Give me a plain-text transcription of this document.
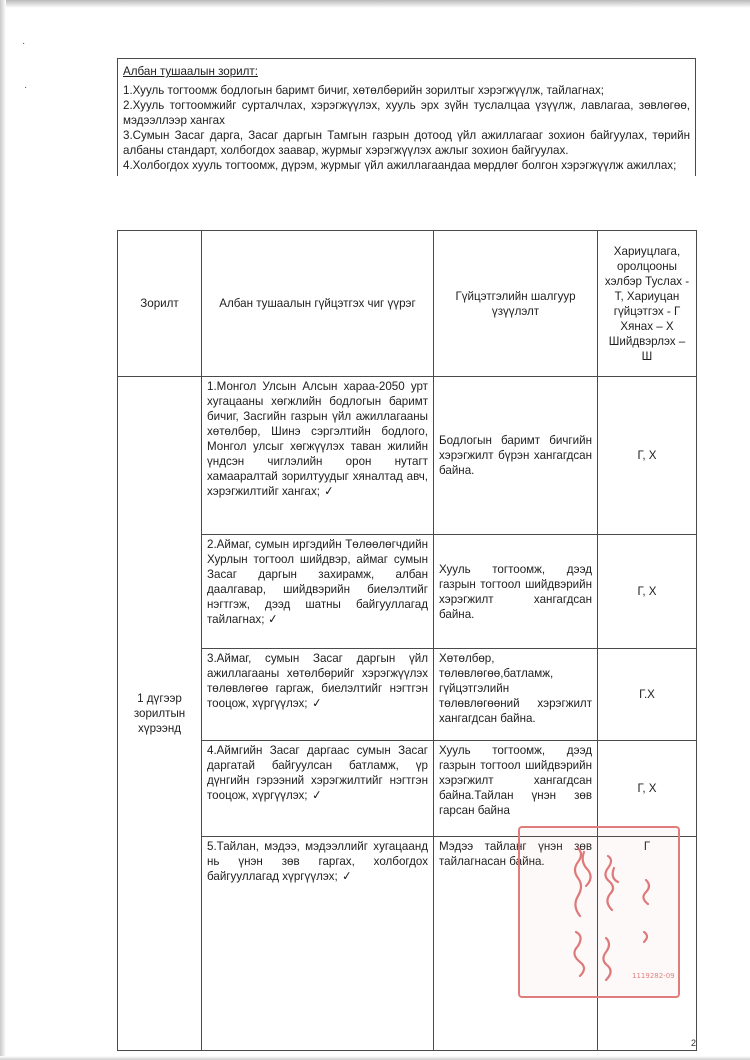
·
·
Албан тушаалын зорилт:
1.Хууль тогтоомж бодлогын баримт бичиг, хөтөлбөрийн зорилтыг хэрэгжүүлж, тайлагнах;
2.Хууль тогтоомжийг сурталчлах, хэрэгжүүлэх, хууль эрх зүйн туслалцаа үзүүлж, лавлагаа, зөвлөгөө, мэдээллээр хангах
3.Сумын Засаг дарга, Засаг даргын Тамгын газрын дотоод үйл ажиллагааг зохион байгуулах, төрийн албаны стандарт, холбогдох заавар, журмыг хэрэгжүүлэх ажлыг зохион байгуулах.
4.Холбогдох хууль тогтоомж, дүрэм, журмыг үйл ажиллагаандаа мөрдлөг болгон хэрэгжүүлж ажиллах;
Зорилт	Албан тушаалын гүйцэтгэх чиг үүрэг	Гүйцэтгэлийн шалгуур үзүүлэлт	Хариуцлага, оролцооны хэлбэр Туслах - Т, Хариуцан гүйцэтгэх - Г Хянах – Х Шийдвэрлэх – Ш
1 дүгээр зорилтын хүрээнд	1.Монгол Улсын Алсын хараа-2050 урт хугацааны хөгжлийн бодлогын баримт бичиг, Засгийн газрын үйл ажиллагааны хөтөлбөр, Шинэ сэргэлтийн бодлого, Монгол улсыг хөгжүүлэх таван жилийн үндсэн чиглэлийн орон нутагт хамааралтай зорилтуудыг хяналтад авч, хэрэгжилтийг хангах; ✓	Бодлогын баримт бичгийн хэрэгжилт бүрэн хангагдсан байна.	Г, Х
	2.Аймаг, сумын иргэдийн Төлөөлөгчдийн Хурлын тогтоол шийдвэр, аймаг сумын Засаг даргын захирамж, албан даалгавар, шийдвэрийн биелэлтийг нэгтгэж, дээд шатны байгууллагад тайлагнах; ✓	Хууль тогтоомж, дээд газрын тогтоол шийдвэрийн хэрэгжилт хангагдсан байна.	Г, Х
	3.Аймаг, сумын Засаг даргын үйл ажиллагааны хөтөлбөрийг хэрэгжүүлэх төлөвлөгөө гаргаж, биелэлтийг нэгтгэн тооцож, хүргүүлэх; ✓	Хөтөлбөр, төлөвлөгөө,батламж, гүйцэтгэлийн төлөвлөгөөний хэрэгжилт хангагдсан байна.	Г.Х
	4.Аймгийн Засаг даргаас сумын Засаг даргатай байгуулсан батламж, үр дүнгийн гэрээний хэрэгжилтийг нэгтгэн тооцож, хүргүүлэх; ✓	Хууль тогтоомж, дээд газрын тогтоол шийдвэрийн хэрэгжилт хангагдсан байна.Тайлан үнэн зөв гарсан байна	Г, Х
	5.Тайлан, мэдээ, мэдээллийг хугацаанд нь үнэн зөв гаргах, холбогдох байгууллагад хүргүүлэх; ✓	Мэдээ тайланг үнэн зөв тайлагнасан байна.	Г
1119282-09
2
